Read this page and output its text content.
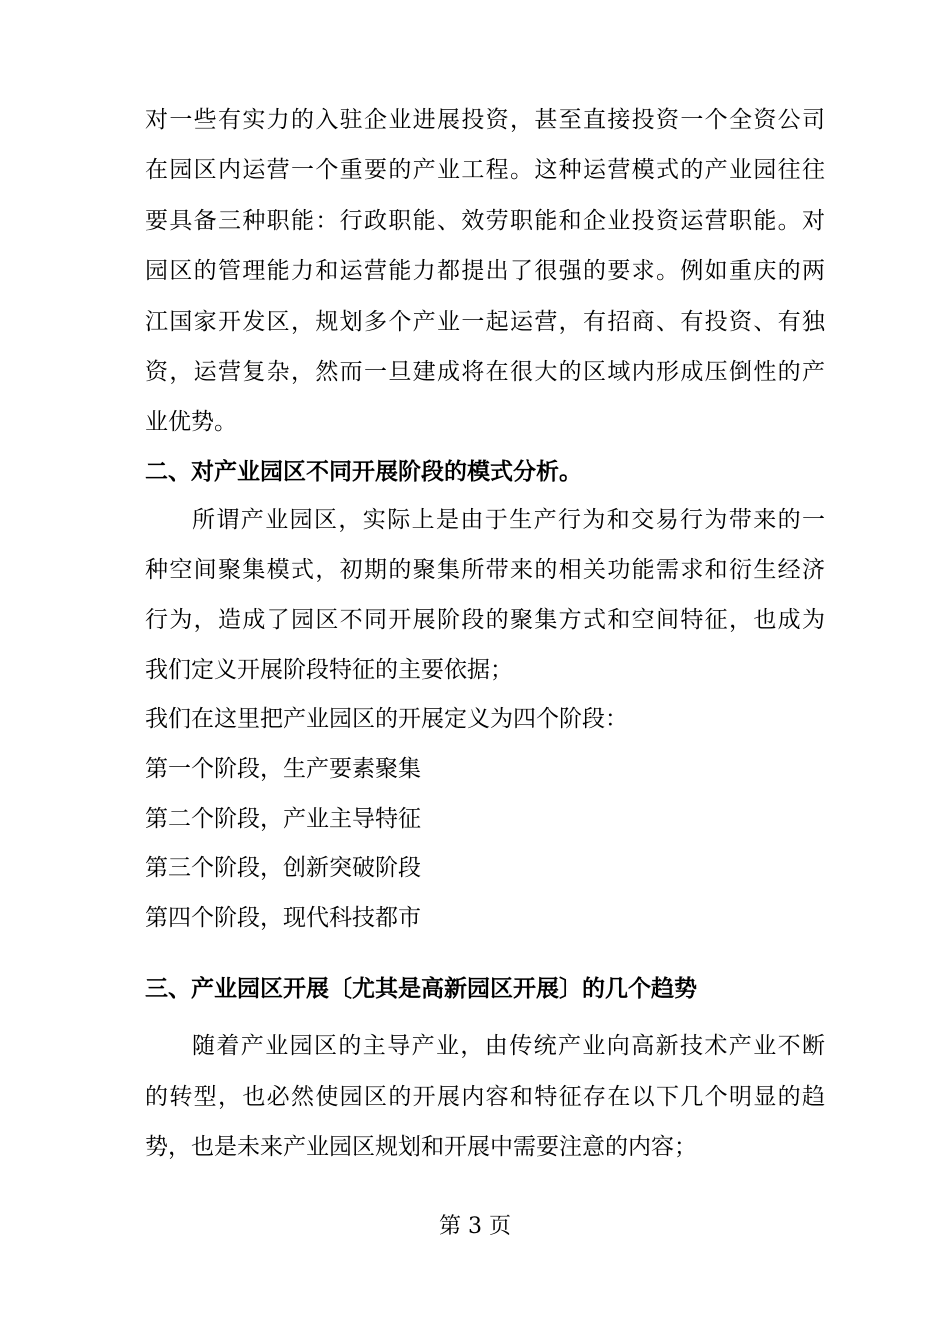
对一些有实力的入驻企业进展投资，甚至直接投资一个全资公司
在园区内运营一个重要的产业工程。这种运营模式的产业园往往
要具备三种职能：行政职能、效劳职能和企业投资运营职能。对
园区的管理能力和运营能力都提出了很强的要求。例如重庆的两
江国家开发区，规划多个产业一起运营，有招商、有投资、有独
资，运营复杂，然而一旦建成将在很大的区域内形成压倒性的产
业优势。
二、对产业园区不同开展阶段的模式分析。
所谓产业园区，实际上是由于生产行为和交易行为带来的一
种空间聚集模式，初期的聚集所带来的相关功能需求和衍生经济
行为，造成了园区不同开展阶段的聚集方式和空间特征，也成为
我们定义开展阶段特征的主要依据；
我们在这里把产业园区的开展定义为四个阶段：
第一个阶段，生产要素聚集
第二个阶段，产业主导特征
第三个阶段，创新突破阶段
第四个阶段，现代科技都市
三、产业园区开展〔尤其是高新园区开展〕的几个趋势
随着产业园区的主导产业，由传统产业向高新技术产业不断
的转型，也必然使园区的开展内容和特征存在以下几个明显的趋
势，也是未来产业园区规划和开展中需要注意的内容；
第 3 页
